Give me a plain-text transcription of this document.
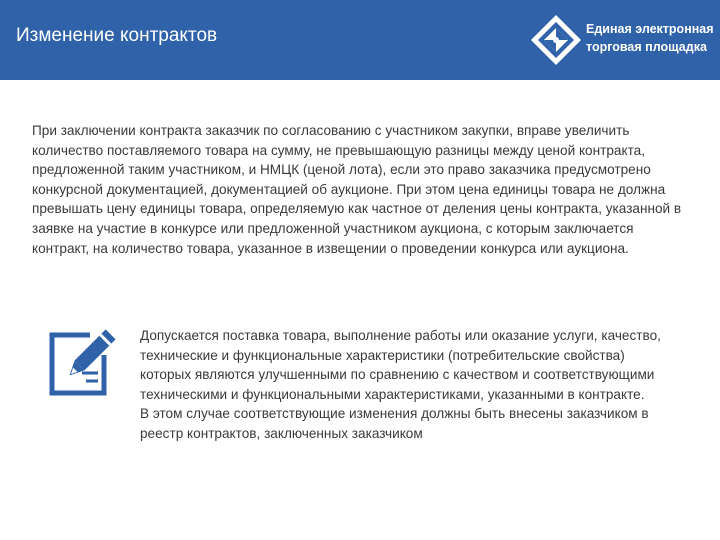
Изменение контрактов	Единая электронная
торговая площадка
При заключении контракта заказчик по согласованию с участником закупки, вправе увеличить количество поставляемого товара на сумму, не превышающую разницы между ценой контракта, предложенной таким участником, и НМЦК (ценой лота), если это право заказчика предусмотрено конкурсной документацией, документацией об аукционе. При этом цена единицы товара не должна превышать цену единицы товара, определяемую как частное от деления цены контракта, указанной в заявке на участие в конкурсе или предложенной участником аукциона, с которым заключается контракт, на количество товара, указанное в извещении о проведении конкурса или аукциона.

Допускается поставка товара, выполнение работы или оказание услуги, качество, технические и функциональные характеристики (потребительские свойства) которых являются улучшенными по сравнению с качеством и соответствующими техническими и функциональными характеристиками, указанными в контракте.

В этом случае соответствующие изменения должны быть внесены заказчиком в реестр контрактов, заключенных заказчиком
